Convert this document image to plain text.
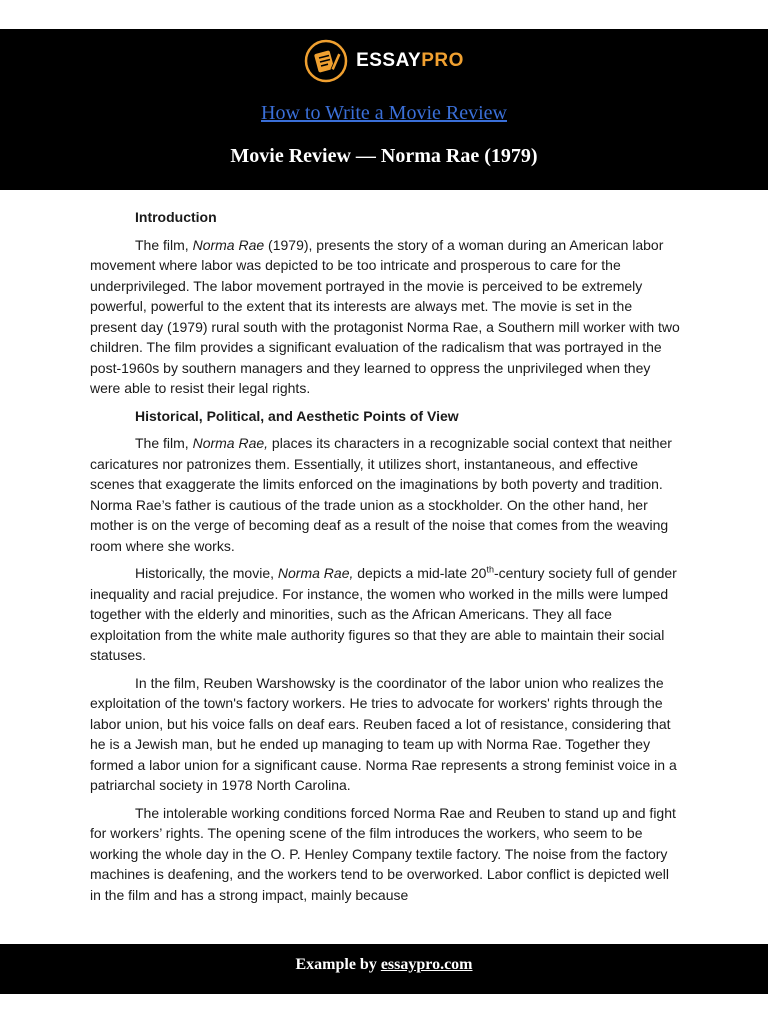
ESSAYPRO
How to Write a Movie Review
Movie Review — Norma Rae (1979)

Introduction

The film, Norma Rae (1979), presents the story of a woman during an American labor movement where labor was depicted to be too intricate and prosperous to care for the underprivileged. The labor movement portrayed in the movie is perceived to be extremely powerful, powerful to the extent that its interests are always met. The movie is set in the present day (1979) rural south with the protagonist Norma Rae, a Southern mill worker with two children. The film provides a significant evaluation of the radicalism that was portrayed in the post-1960s by southern managers and they learned to oppress the unprivileged when they were able to resist their legal rights.

Historical, Political, and Aesthetic Points of View

The film, Norma Rae, places its characters in a recognizable social context that neither caricatures nor patronizes them. Essentially, it utilizes short, instantaneous, and effective scenes that exaggerate the limits enforced on the imaginations by both poverty and tradition. Norma Rae’s father is cautious of the trade union as a stockholder. On the other hand, her mother is on the verge of becoming deaf as a result of the noise that comes from the weaving room where she works.

Historically, the movie, Norma Rae, depicts a mid-late 20th-century society full of gender inequality and racial prejudice. For instance, the women who worked in the mills were lumped together with the elderly and minorities, such as the African Americans. They all face exploitation from the white male authority figures so that they are able to maintain their social statuses.

In the film, Reuben Warshowsky is the coordinator of the labor union who realizes the exploitation of the town's factory workers. He tries to advocate for workers' rights through the labor union, but his voice falls on deaf ears. Reuben faced a lot of resistance, considering that he is a Jewish man, but he ended up managing to team up with Norma Rae. Together they formed a labor union for a significant cause. Norma Rae represents a strong feminist voice in a patriarchal society in 1978 North Carolina.

The intolerable working conditions forced Norma Rae and Reuben to stand up and fight for workers’ rights. The opening scene of the film introduces the workers, who seem to be working the whole day in the O. P. Henley Company textile factory. The noise from the factory machines is deafening, and the workers tend to be overworked. Labor conflict is depicted well in the film and has a strong impact, mainly because

Example by essaypro.com
